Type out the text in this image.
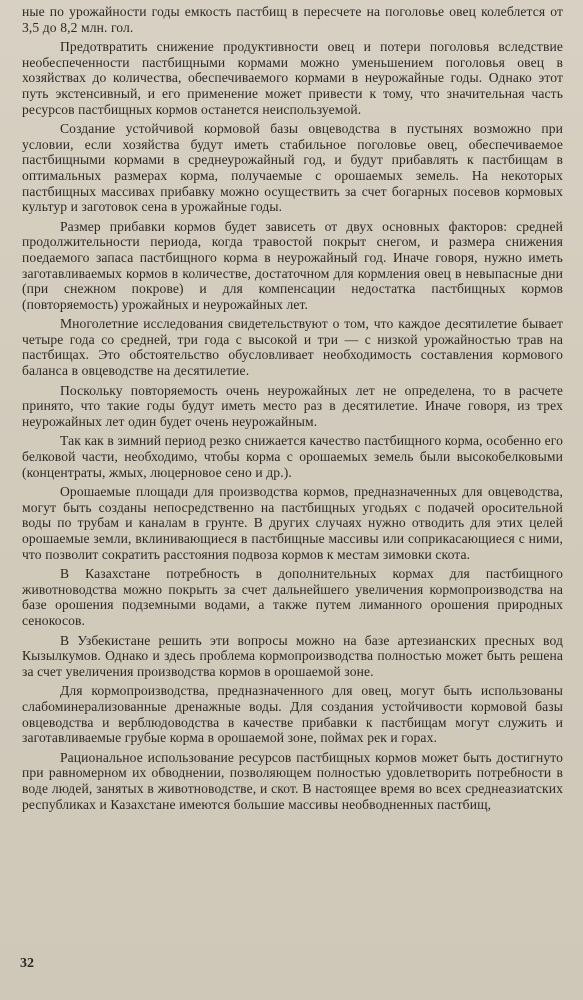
ные по урожайности годы емкость пастбищ в пересчете на поголовье овец колеблется от 3,5 до 8,2 млн. гол.

Предотвратить снижение продуктивности овец и потери поголовья вследствие необеспеченности пастбищными кормами можно уменьшением поголовья овец в хозяйствах до количества, обеспечиваемого кормами в неурожайные годы. Однако этот путь экстенсивный, и его применение может привести к тому, что значительная часть ресурсов пастбищных кормов останется неиспользуемой.

Создание устойчивой кормовой базы овцеводства в пустынях возможно при условии, если хозяйства будут иметь стабильное поголовье овец, обеспечиваемое пастбищными кормами в среднеурожайный год, и будут прибавлять к пастбищам в оптимальных размерах корма, получаемые с орошаемых земель. На некоторых пастбищных массивах прибавку можно осуществить за счет богарных посевов кормовых культур и заготовок сена в урожайные годы.

Размер прибавки кормов будет зависеть от двух основных факторов: средней продолжительности периода, когда травостой покрыт снегом, и размера снижения поедаемого запаса пастбищного корма в неурожайный год. Иначе говоря, нужно иметь заготавливаемых кормов в количестве, достаточном для кормления овец в невыпасные дни (при снежном покрове) и для компенсации недостатка пастбищных кормов (повторяемость) урожайных и неурожайных лет.

Многолетние исследования свидетельствуют о том, что каждое десятилетие бывает четыре года со средней, три года с высокой и три — с низкой урожайностью трав на пастбищах. Это обстоятельство обусловливает необходимость составления кормового баланса в овцеводстве на десятилетие.

Поскольку повторяемость очень неурожайных лет не определена, то в расчете принято, что такие годы будут иметь место раз в десятилетие. Иначе говоря, из трех неурожайных лет один будет очень неурожайным.

Так как в зимний период резко снижается качество пастбищного корма, особенно его белковой части, необходимо, чтобы корма с орошаемых земель были высокобелковыми (концентраты, жмых, люцерновое сено и др.).

Орошаемые площади для производства кормов, предназначенных для овцеводства, могут быть созданы непосредственно на пастбищных угодьях с подачей оросительной воды по трубам и каналам в грунте. В других случаях нужно отводить для этих целей орошаемые земли, вклинивающиеся в пастбищные массивы или соприкасающиеся с ними, что позволит сократить расстояния подвоза кормов к местам зимовки скота.

В Казахстане потребность в дополнительных кормах для пастбищного животноводства можно покрыть за счет дальнейшего увеличения кормопроизводства на базе орошения подземными водами, а также путем лиманного орошения природных сенокосов.

В Узбекистане решить эти вопросы можно на базе артезианских пресных вод Кызылкумов. Однако и здесь проблема кормопроизводства полностью может быть решена за счет увеличения производства кормов в орошаемой зоне.

Для кормопроизводства, предназначенного для овец, могут быть использованы слабоминерализованные дренажные воды. Для создания устойчивости кормовой базы овцеводства и верблюдоводства в качестве прибавки к пастбищам могут служить и заготавливаемые грубые корма в орошаемой зоне, поймах рек и горах.

Рациональное использование ресурсов пастбищных кормов может быть достигнуто при равномерном их обводнении, позволяющем полностью удовлетворить потребности в воде людей, занятых в животноводстве, и скот. В настоящее время во всех среднеазиатских республиках и Казахстане имеются большие массивы необводненных пастбищ,

32
